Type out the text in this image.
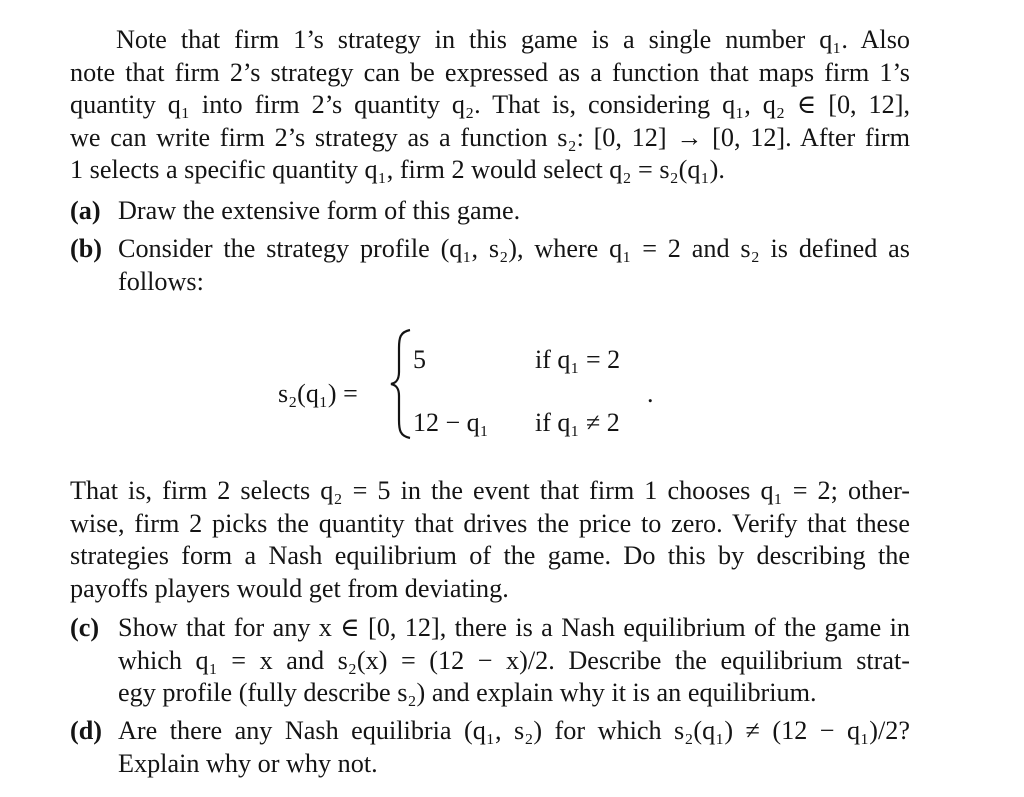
Note that firm 1’s strategy in this game is a single number q₁. Also
note that firm 2’s strategy can be expressed as a function that maps firm 1’s
quantity q₁ into firm 2’s quantity q₂. That is, considering q₁, q₂ ∈ [0, 12],
we can write firm 2’s strategy as a function s₂: [0, 12] → [0, 12]. After firm
1 selects a specific quantity q₁, firm 2 would select q₂ = s₂(q₁).
(a) Draw the extensive form of this game.
(b) Consider the strategy profile (q₁, s₂), where q₁ = 2 and s₂ is defined as
follows:
s₂(q₁) =
5	if q₁ = 2
12 − q₁ if q₁ ≠ 2
.
That is, firm 2 selects q₂ = 5 in the event that firm 1 chooses q₁ = 2; other-
wise, firm 2 picks the quantity that drives the price to zero. Verify that these
strategies form a Nash equilibrium of the game. Do this by describing the
payoffs players would get from deviating.
(c) Show that for any x ∈ [0, 12], there is a Nash equilibrium of the game in
which q₁ = x and s₂(x) = (12 − x)/2. Describe the equilibrium strat-
egy profile (fully describe s₂) and explain why it is an equilibrium.
(d) Are there any Nash equilibria (q₁, s₂) for which s₂(q₁) ≠ (12 − q₁)/2?
Explain why or why not.
